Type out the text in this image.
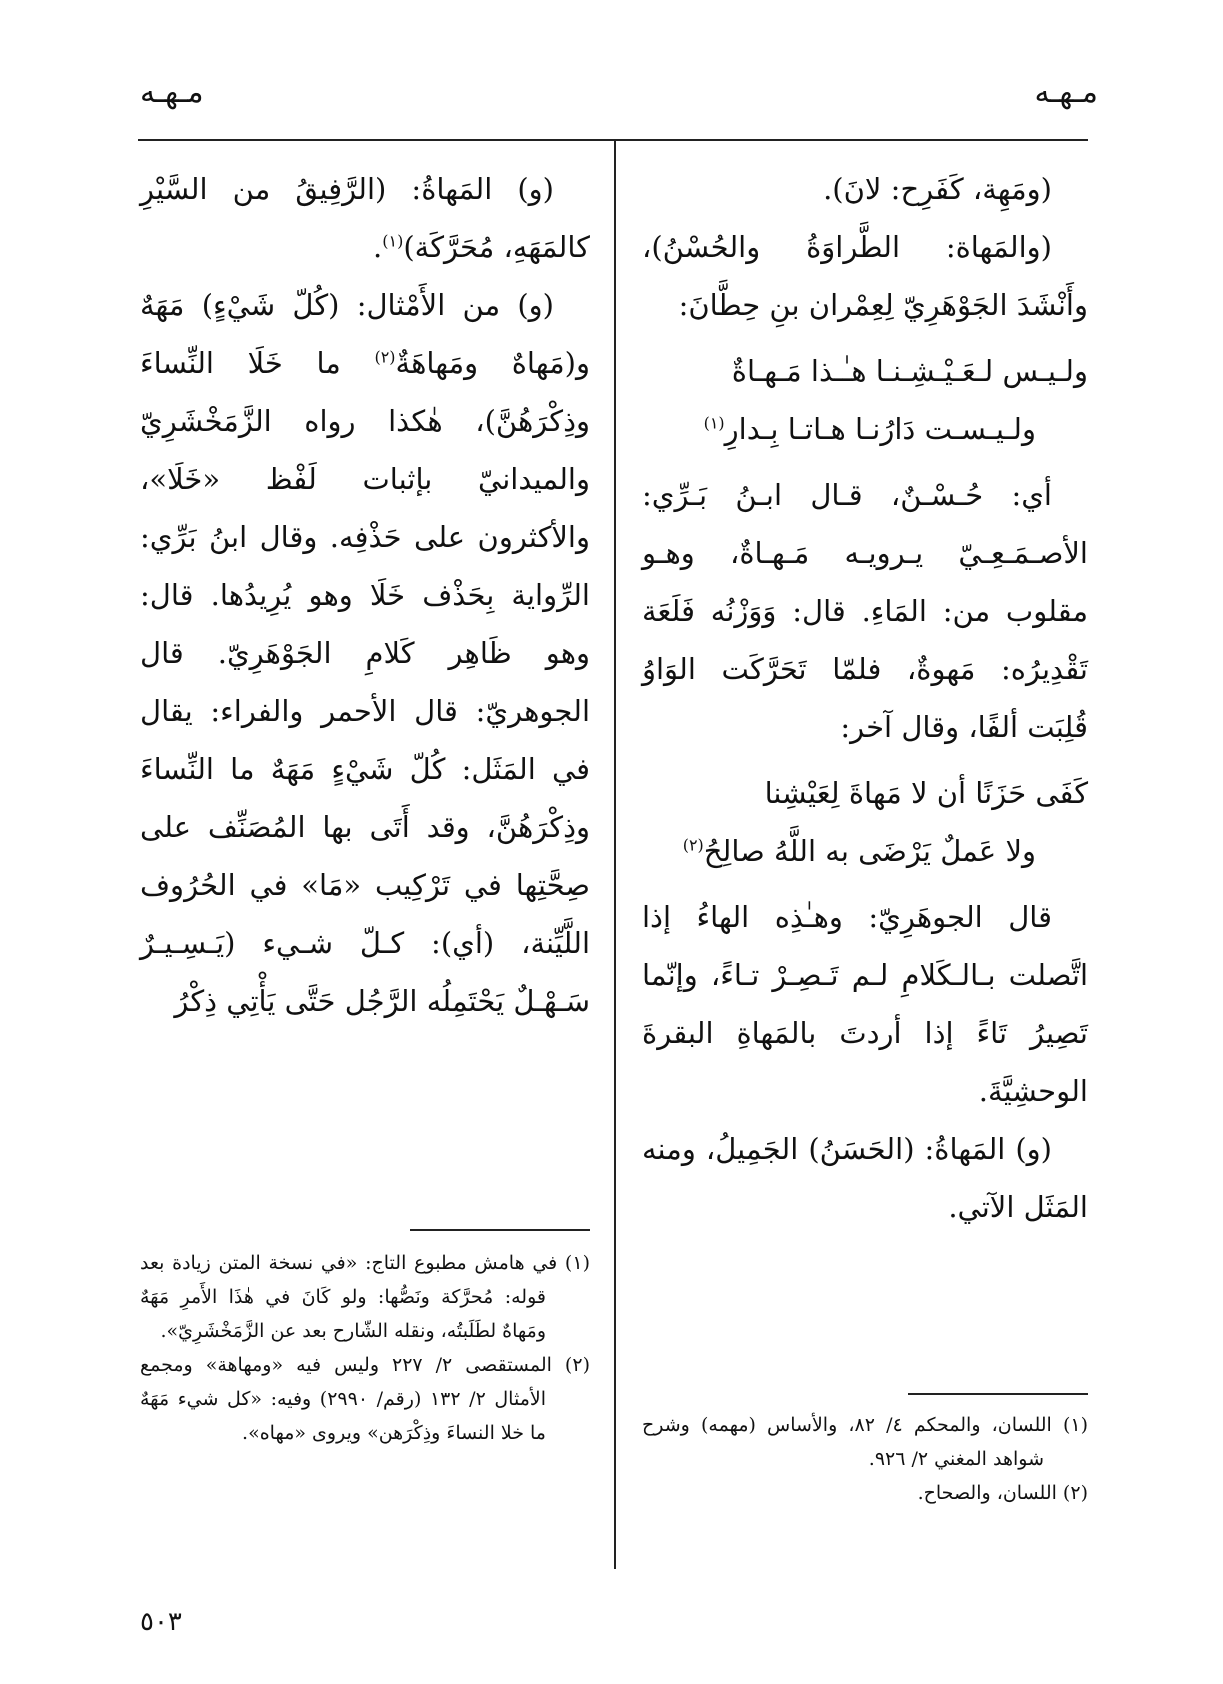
مـهـه
مـهـه

(ومَهِة، كَفَرِح: لانَ).

(والمَهاة: الطَّراوَةُ والحُسْنُ)، وأَنْشَدَ الجَوْهَرِيّ لِعِمْران بنِ حِطَّانَ:

ولـيـس لـعَـيْـشِـنـا هـٰـذا مَـهـاةٌ
ولـيـسـت دَارُنـا هـاتـا بِـدارِ$^{(١)}$

أي: حُـسْـنٌ، قـال ابـنُ بَـرِّي: الأصـمَـعِـيّ يـرويـه مَـهـاةٌ، وهـو مقلوب من: المَاءِ. قال: وَوَزْنُه فَلَعَة تَقْدِيرُه: مَهوةٌ، فلمّا تَحَرَّكَت الوَاوُ قُلِبَت ألفًا، وقال آخر:

كَفَى حَزَنًا أن لا مَهاةَ لِعَيْشِنا
ولا عَملٌ يَرْضَى به اللَّهُ صالِحُ$^{(٢)}$

قال الجوهَرِيّ: وهـٰذِه الهاءُ إذا اتَّصلت بـالـكَلامِ لـم تَـصِـرْ تـاءً، وإنّما تَصِيرُ تَاءً إذا أردتَ بالمَهاةِ البقرةَ الوحشِيَّةَ.

(و) المَهاةُ: (الحَسَنُ) الجَمِيلُ، ومنه المَثَل الآتي.

(١) اللسان، والمحكم ٤/ ٨٢، والأساس (مهمه) وشرح شواهد المغني ٢/ ٩٢٦.

(٢) اللسان، والصحاح.

(و) المَهاةُ: (الرَّفِيقُ من السَّيْرِ كالمَهَهِ، مُحَرَّكَة)$^{(١)}$.

(و) من الأَمْثال: (كُلّ شَيْءٍ) مَهَهٌ و(مَهاهٌ ومَهاهَةٌ$^{(٢)}$ ما خَلَا النِّساءَ وذِكْرَهُنَّ)، هٰكذا رواه الزَّمَخْشَرِيّ والميدانيّ بإثبات لَفْظ «خَلَا»، والأكثرون على حَذْفِه. وقال ابنُ بَرِّي: الرِّواية بِحَذْف خَلَا وهو يُرِيدُها. قال: وهو ظَاهِر كَلامِ الجَوْهَرِيّ. قال الجوهريّ: قال الأحمر والفراء: يقال في المَثَل: كُلّ شَيْءٍ مَهَهٌ ما النِّساءَ وذِكْرَهُنَّ، وقد أَتَى بها المُصَنِّف على صِحَّتِها في تَرْكِيب «مَا» في الحُرُوف اللَّيِّنة، (أي): كـلّ شـيء (يَـسِـيـرٌ سَـهْـلٌ يَحْتَمِلُه الرَّجُل حَتَّى يَأْتِي ذِكْرُ

(١) في هامش مطبوع التاج: «في نسخة المتن زيادة بعد قوله: مُحرَّكة ونَصُّها: ولو كَانَ في هٰذَا الأَمرِ مَهَهٌ ومَهاهٌ لطَلَبتُه، ونقله الشّارح بعد عن الزَّمَخْشَرِيّ».

(٢) المستقصى ٢/ ٢٢٧ وليس فيه «ومهاهة» ومجمع الأمثال ٢/ ١٣٢ (رقم/ ٢٩٩٠) وفيه: «كل شيء مَهَهٌ ما خلا النساءَ وذِكْرَهن» ويروى «مهاه».

٥٠٣
